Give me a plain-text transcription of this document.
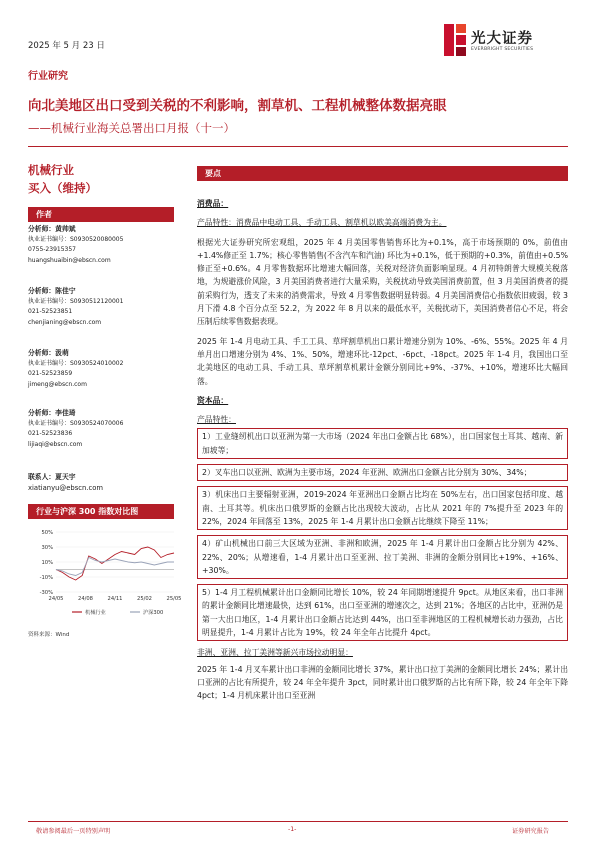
2025 年 5 月 23 日	光大证券
EVERBRIGHT SECURITIES
行业研究
向北美地区出口受到关税的不利影响，割草机、工程机械整体数据亮眼
——机械行业海关总署出口月报（十一）
机械行业
买入（维持）
作者
分析师：黄帅斌
执业证书编号：S0930520080005
0755-23915357
huangshuaibin@ebscn.com
分析师：陈佳宁
执业证书编号：S0930512120001
021-52523851
chenjianing@ebscn.com
分析师：汲萌
执业证书编号：S0930524010002
021-52523859
jimeng@ebscn.com
分析师：李佳琦
执业证书编号：S0930524070006
021-52523836
lijiaqi@ebscn.com
联系人：夏天宇
xiatianyu@ebscn.com
行业与沪深 300 指数对比图
50%
30%
10%
-10%
-30%
24/05	24/08	24/11	25/02	25/05
机械行业	沪深300
资料来源：Wind
要点

消费品：

产品特性：消费品中电动工具、手动工具、割草机以欧美高端消费为主。

根据光大证券研究所宏观组，2025 年 4 月美国零售销售环比为+0.1%，高于市场预期的 0%，前值由+1.4%修正至 1.7%；核心零售销售(不含汽车和汽油) 环比为+0.1%，低于预期的+0.3%，前值由+0.5%修正至+0.6%。4 月零售数据环比增速大幅回落，关税对经济负面影响显现。4 月初特朗普大规模关税落地，为规避涨价风险，3 月美国消费者进行大量采购，关税扰动导致美国消费前置，但 3 月美国消费者的提前采购行为，透支了未来的消费需求，导致 4 月零售数据明显转弱。4 月美国消费信心指数依旧疲弱，较 3 月下滑 4.8 个百分点至 52.2，为 2022 年 8 月以来的最低水平，关税扰动下，美国消费者信心不足，将会压制后续零售数据表现。

2025 年 1-4 月电动工具、手工工具、草坪割草机出口累计增速分别为 10%、-6%、55%。2025 年 4 月单月出口增速分别为 4%、1%、50%，增速环比-12pct、-6pct、-18pct。2025 年 1-4 月，我国出口至北美地区的电动工具、手动工具、草坪割草机累计金额分别同比+9%、-37%、+10%，增速环比大幅回落。

资本品：

产品特性：

1）工业缝纫机出口以亚洲为第一大市场（2024 年出口金额占比 68%），出口国家包土耳其、越南、新加坡等；
2）叉车出口以亚洲、欧洲为主要市场，2024 年亚洲、欧洲出口金额占比分别为 30%、34%；
3）机床出口主要辐射亚洲，2019-2024 年亚洲出口金额占比均在 50%左右，出口国家包括印度、越南、土耳其等。机床出口俄罗斯的金额占比出现较大波动，占比从 2021 年的 7%提升至 2023 年的 22%，2024 年回落至 13%，2025 年 1-4 月累计出口金额占比继续下降至 11%；
4）矿山机械出口前三大区域为亚洲、非洲和欧洲，2025 年 1-4 月累计出口金额占比分别为 42%、22%、20%；从增速看，1-4 月累计出口至亚洲、拉丁美洲、非洲的金额分别同比+19%、+16%、+30%。
5）1-4 月工程机械累计出口金额同比增长 10%，较 24 年同期增速提升 9pct。从地区来看，出口非洲的累计金额同比增速最快，达到 61%，出口至亚洲的增速次之，达到 21%；各地区的占比中，亚洲仍是第一大出口地区，1-4 月累计出口金额占比达到 44%，出口至非洲地区的工程机械增长动力强劲，占比明显提升，1-4 月累计占比为 19%，较 24 年全年占比提升 4pct。

非洲、亚洲、拉丁美洲等新兴市场拉动明显：

2025 年 1-4 月叉车累计出口非洲的金额同比增长 37%，累计出口拉丁美洲的金额同比增长 24%；累计出口亚洲的占比有所提升，较 24 年全年提升 3pct，同时累计出口俄罗斯的占比有所下降，较 24 年全年下降 4pct；1-4 月机床累计出口至亚洲

敬请参阅最后一页特别声明	-1-	证券研究报告
